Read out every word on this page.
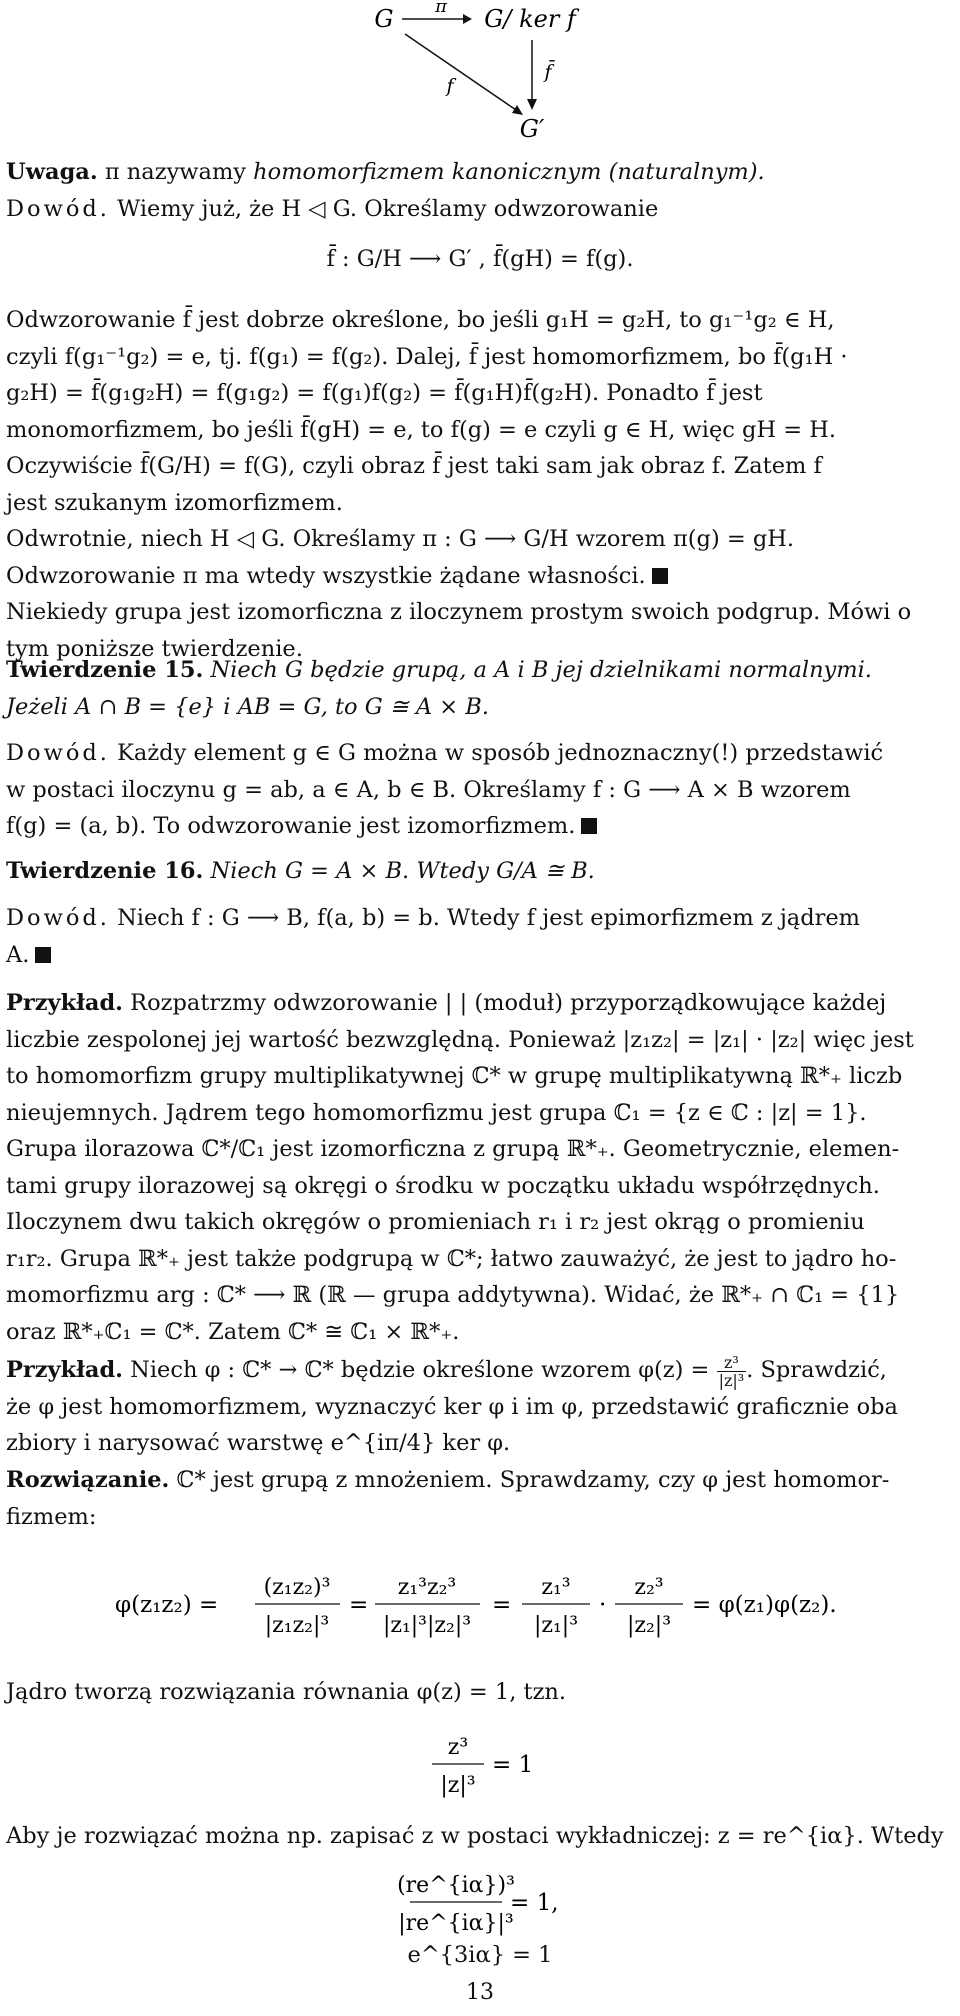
G π G/ ker f
f
f̄
G′
Uwaga. π nazywamy homomorfizmem kanonicznym (naturalnym).
Dowód. Wiemy już, że H ◁ G. Określamy odwzorowanie
f̄ : G/H ⟶ G′ , f̄(gH) = f(g).
Odwzorowanie f̄ jest dobrze określone, bo jeśli g₁H = g₂H, to g₁⁻¹g₂ ∈ H,
czyli f(g₁⁻¹g₂) = e, tj. f(g₁) = f(g₂). Dalej, f̄ jest homomorfizmem, bo f̄(g₁H ·
g₂H) = f̄(g₁g₂H) = f(g₁g₂) = f(g₁)f(g₂) = f̄(g₁H)f̄(g₂H). Ponadto f̄ jest
monomorfizmem, bo jeśli f̄(gH) = e, to f(g) = e czyli g ∈ H, więc gH = H.
Oczywiście f̄(G/H) = f(G), czyli obraz f̄ jest taki sam jak obraz f. Zatem f
jest szukanym izomorfizmem.
Odwrotnie, niech H ◁ G. Określamy π : G ⟶ G/H wzorem π(g) = gH.
Odwzorowanie π ma wtedy wszystkie żądane własności.
Niekiedy grupa jest izomorficzna z iloczynem prostym swoich podgrup. Mówi o
tym poniższe twierdzenie.
Twierdzenie 15. Niech G będzie grupą, a A i B jej dzielnikami normalnymi.
Jeżeli A ∩ B = {e} i AB = G, to G ≅ A × B.
Dowód. Każdy element g ∈ G można w sposób jednoznaczny(!) przedstawić
w postaci iloczynu g = ab, a ∈ A, b ∈ B. Określamy f : G ⟶ A × B wzorem
f(g) = (a, b). To odwzorowanie jest izomorfizmem.
Twierdzenie 16. Niech G = A × B. Wtedy G/A ≅ B.
Dowód. Niech f : G ⟶ B, f(a, b) = b. Wtedy f jest epimorfizmem z jądrem
A.
Przykład. Rozpatrzmy odwzorowanie | | (moduł) przyporządkowujące każdej
liczbie zespolonej jej wartość bezwzględną. Ponieważ |z₁z₂| = |z₁| · |z₂| więc jest
to homomorfizm grupy multiplikatywnej ℂ* w grupę multiplikatywną ℝ*₊ liczb
nieujemnych. Jądrem tego homomorfizmu jest grupa ℂ₁ = {z ∈ ℂ : |z| = 1}.
Grupa ilorazowa ℂ*/ℂ₁ jest izomorficzna z grupą ℝ*₊. Geometrycznie, elemen-
tami grupy ilorazowej są okręgi o środku w początku układu współrzędnych.
Iloczynem dwu takich okręgów o promieniach r₁ i r₂ jest okrąg o promieniu
r₁r₂. Grupa ℝ*₊ jest także podgrupą w ℂ*; łatwo zauważyć, że jest to jądro ho-
momorfizmu arg : ℂ* ⟶ ℝ (ℝ — grupa addytywna). Widać, że ℝ*₊ ∩ ℂ₁ = {1}
oraz ℝ*₊ℂ₁ = ℂ*. Zatem ℂ* ≅ ℂ₁ × ℝ*₊.
Przykład. Niech φ : ℂ* → ℂ* będzie określone wzorem $\varphi(z) = \frac{\text{z³}}{\text{|z|³}}$ . Sprawdzić,
że φ jest homomorfizmem, wyznaczyć ker φ i im φ, przedstawić graficznie oba
zbiory i narysować warstwę e^{iπ/4} ker φ.
Rozwiązanie. ℂ* jest grupą z mnożeniem. Sprawdzamy, czy φ jest homomor-
fizmem:
φ(z₁z₂) =
(z₁z₂)³
|z₁z₂|³
=
z₁³z₂³
|z₁|³|z₂|³
=
z₁³
|z₁|³
·
z₂³
|z₂|³
= φ(z₁)φ(z₂).
Jądro tworzą rozwiązania równania φ(z) = 1, tzn.
z³
|z|³
= 1
Aby je rozwiązać można np. zapisać z w postaci wykładniczej: z = re^{iα}. Wtedy
(re^{iα})³
|re^{iα}|³
= 1,
e^{3iα} = 1
13
